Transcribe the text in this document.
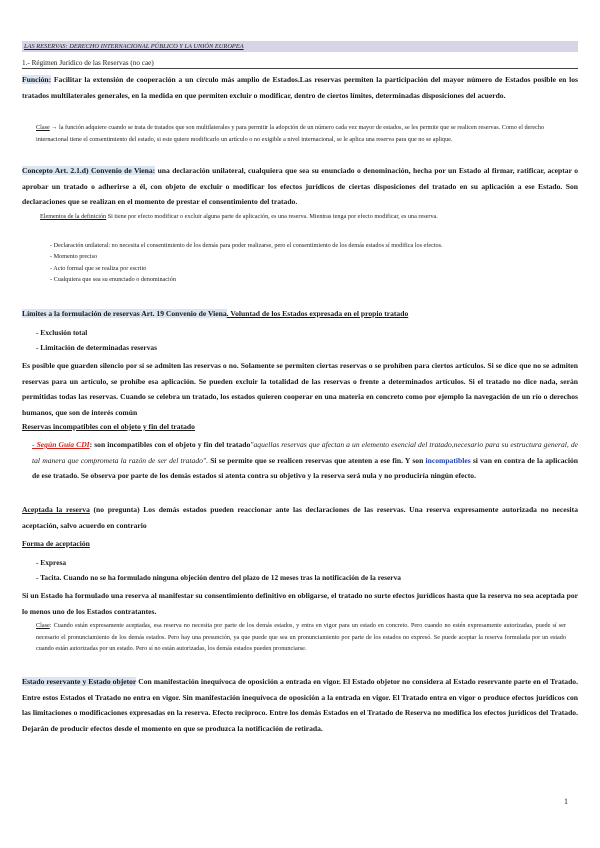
LAS RESERVAS: DERECHO INTERNACIONAL PÚBLICO Y LA UNIÓN EUROPEA
1.- Régimen Jurídico de las Reservas (no cae)
Función: Facilitar la extensión de cooperación a un círculo más amplio de Estados.Las reservas permiten la participación del mayor número de Estados posible en los tratados multilaterales generales, en la medida en que permiten excluir o modificar, dentro de ciertos límites, determinadas disposiciones del acuerdo.
Clase → la función adquiere cuando se trata de tratados que son multilaterales y para permitir la adopción de un número cada vez mayor de estados, se les permite que se realicen reservas. Como el derecho internacional tiene el consentimiento del estado, si este quiere modificarlo un artículo o no exigible a nivel internacional, se le aplica una reserva para que no se aplique.
Concepto Art. 2.1.d) Convenio de Viena: una declaración unilateral, cualquiera que sea su enunciado o denominación, hecha por un Estado al firmar, ratificar, aceptar o aprobar un tratado o adherirse a él, con objeto de excluir o modificar los efectos jurídicos de ciertas disposiciones del tratado en su aplicación a ese Estado. Son declaraciones que se realizan en el momento de prestar el consentimiento del tratado.
Elementos de la definición Si tiene por efecto modificar o excluir alguna parte de aplicación, es una reserva. Mientras tenga por efecto modificar, es una reserva.
- Declaración unilateral: no necesita el consentimiento de los demás para poder realizarse, pero el consentimiento de los demás estados sí modifica los efectos.
- Momento preciso
- Acto formal que se realiza por escrito
- Cualquiera que sea su enunciado o denominación
Límites a la formulación de reservas Art. 19 Convenio de Viena. Voluntad de los Estados expresada en el propio tratado
- Exclusión total
- Limitación de determinadas reservas
Es posible que guarden silencio por sí se admiten las reservas o no. Solamente se permiten ciertas reservas o se prohíben para ciertos artículos. Si se dice que no se admiten reservas para un artículo, se prohíbe esa aplicación. Se pueden excluir la totalidad de las reservas o frente a determinados artículos. Si el tratado no dice nada, serán permitidas todas las reservas. Cuando se celebra un tratado, los estados quieren cooperar en una materia en concreto como por ejemplo la navegación de un río o derechos humanos, que son de interés común
Reservas incompatibles con el objeto y fin del tratado
- Según Guía CDI: son incompatibles con el objeto y fin del tratado"aquellas reservas que afectan a un elemento esencial del tratado,necesario para su estructura general, de tal manera que comprometa la razón de ser del tratado". Si se permite que se realicen reservas que atenten a ese fin. Y son incompatibles si van en contra de la aplicación de ese tratado. Se observa por parte de los demás estados si atenta contra su objetivo y la reserva será nula y no produciría ningún efecto.
Aceptada la reserva (no pregunta) Los demás estados pueden reaccionar ante las declaraciones de las reservas. Una reserva expresamente autorizada no necesita aceptación, salvo acuerdo en contrario
Forma de aceptación
- Expresa
- Tacita. Cuando no se ha formulado ninguna objeción dentro del plazo de 12 meses tras la notificación de la reserva
Si un Estado ha formulado una reserva al manifestar su consentimiento definitivo en obligarse, el tratado no surte efectos jurídicos hasta que la reserva no sea aceptada por lo menos uno de los Estados contratantes.
Clase: Cuando están expresamente aceptadas, esa reserva no necesita por parte de los demás estados, y entra en vigor para un estado en concreto. Pero cuando no estén expresamente autorizadas, puede sí ser necesario el pronunciamiento de los demás estados. Pero hay una presunción, ya que puede que sea un pronunciamiento por parte de los estados no expresó. Se puede aceptar la reserva formulada por un estado cuando están autorizadas por un estado. Pero sí no están autorizadas, los demás estados pueden pronunciarse.
Estado reservante y Estado objetor Con manifestación inequívoca de oposición a entrada en vigor. El Estado objetor no considera al Estado reservante parte en el Tratado. Entre estos Estados el Tratado no entra en vigor. Sin manifestación inequívoca de oposición a la entrada en vigor. El Tratado entra en vigor o produce efectos jurídicos con las limitaciones o modificaciones expresadas en la reserva. Efecto recíproco. Entre los demás Estados en el Tratado de Reserva no modifica los efectos jurídicos del Tratado. Dejarán de producir efectos desde el momento en que se produzca la notificación de retirada.
1
